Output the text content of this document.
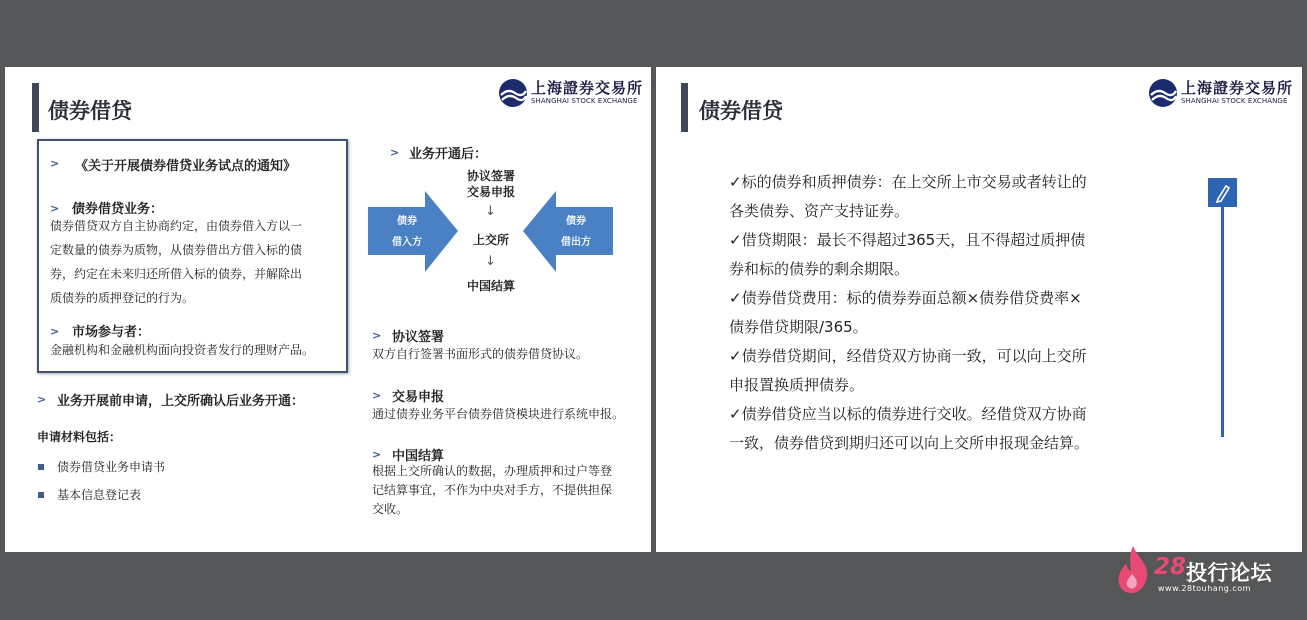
债券借贷
上海證券交易所
SHANGHAI STOCK EXCHANGE
> 《关于开展债券借贷业务试点的通知》
> 债券借贷业务：
债券借贷双方自主协商约定，由债券借入方以一
定数量的债券为质物，从债券借出方借入标的债
券，约定在未来归还所借入标的债券，并解除出
质债券的质押登记的行为。
> 市场参与者：
金融机构和金融机构面向投资者发行的理财产品。
> 业务开展前申请，上交所确认后业务开通：
申请材料包括：
债券借贷业务申请书
基本信息登记表
> 业务开通后：
债券
借入方
债券
借出方
协议签署
交易申报
↓
上交所
↓
中国结算
> 协议签署
双方自行签署书面形式的债券借贷协议。
> 交易申报
通过债券业务平台债券借贷模块进行系统申报。
> 中国结算
根据上交所确认的数据，办理质押和过户等登
记结算事宜，不作为中央对手方，不提供担保
交收。
债券借贷
上海證券交易所
SHANGHAI STOCK EXCHANGE
✓标的债券和质押债券：在上交所上市交易或者转让的
各类债券、资产支持证券。
✓借贷期限：最长不得超过365天，且不得超过质押债
券和标的债券的剩余期限。
✓债券借贷费用：标的债券券面总额×债券借贷费率×
债券借贷期限/365。
✓债券借贷期间，经借贷双方协商一致，可以向上交所
申报置换质押债券。
✓债券借贷应当以标的债券进行交收。经借贷双方协商
一致，债券借贷到期归还可以向上交所申报现金结算。
28 投行论坛
www.28touhang.com
